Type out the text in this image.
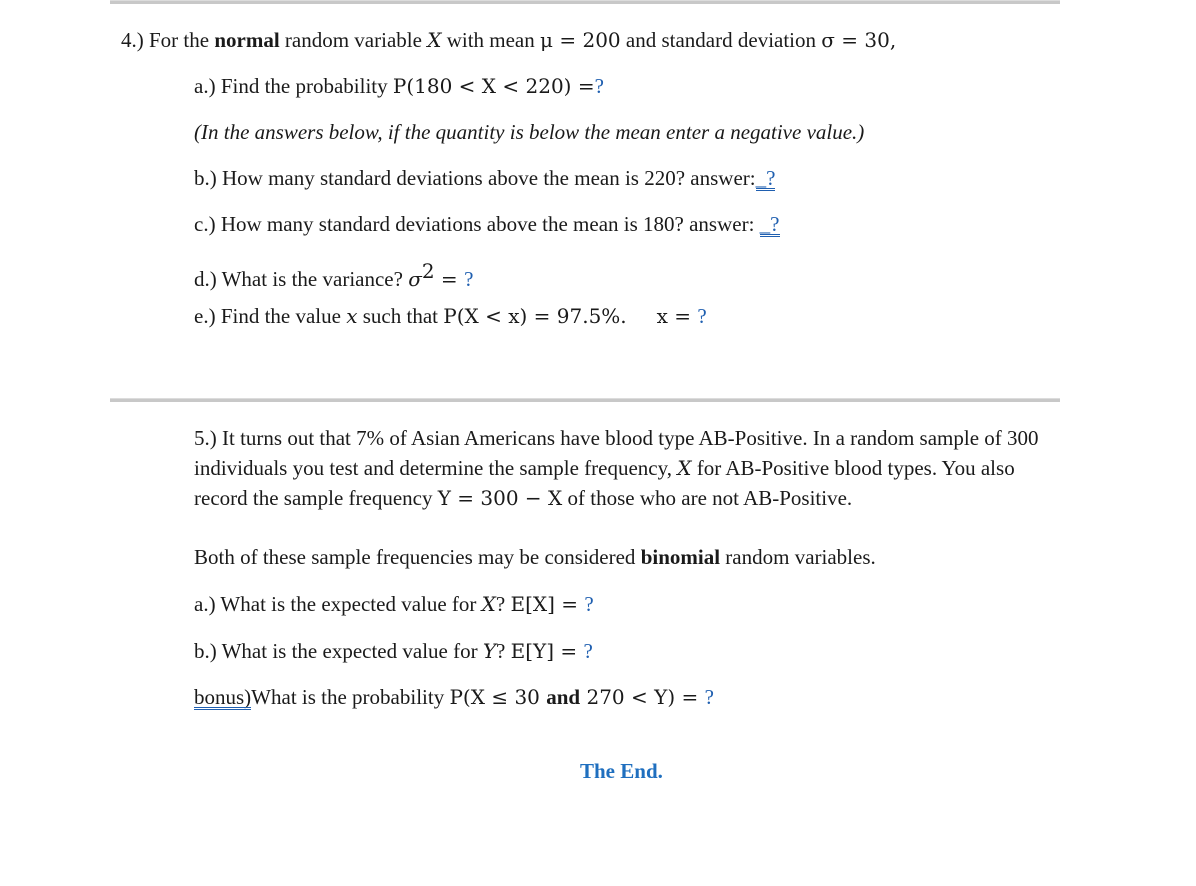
4.) For the normal random variable X with mean μ = 200 and standard deviation σ = 30,
a.) Find the probability P(180 < X < 220) =?
(In the answers below, if the quantity is below the mean enter a negative value.)
b.) How many standard deviations above the mean is 220? answer:_?
c.) How many standard deviations above the mean is 180? answer: _?
d.) What is the variance? $\sigma^2$ = ?
e.) Find the value x such that P(X < x) = 97.5%. x = ?
5.) It turns out that 7% of Asian Americans have blood type AB-Positive. In a random sample of 300 individuals you test and determine the sample frequency, X for AB-Positive blood types. You also record the sample frequency Y = 300 − X of those who are not AB-Positive.
Both of these sample frequencies may be considered binomial random variables.
a.) What is the expected value for X? E[X] = ?
b.) What is the expected value for Y? E[Y] = ?
bonus)What is the probability P(X ≤ 30 and 270 < Y) = ?
The End.
